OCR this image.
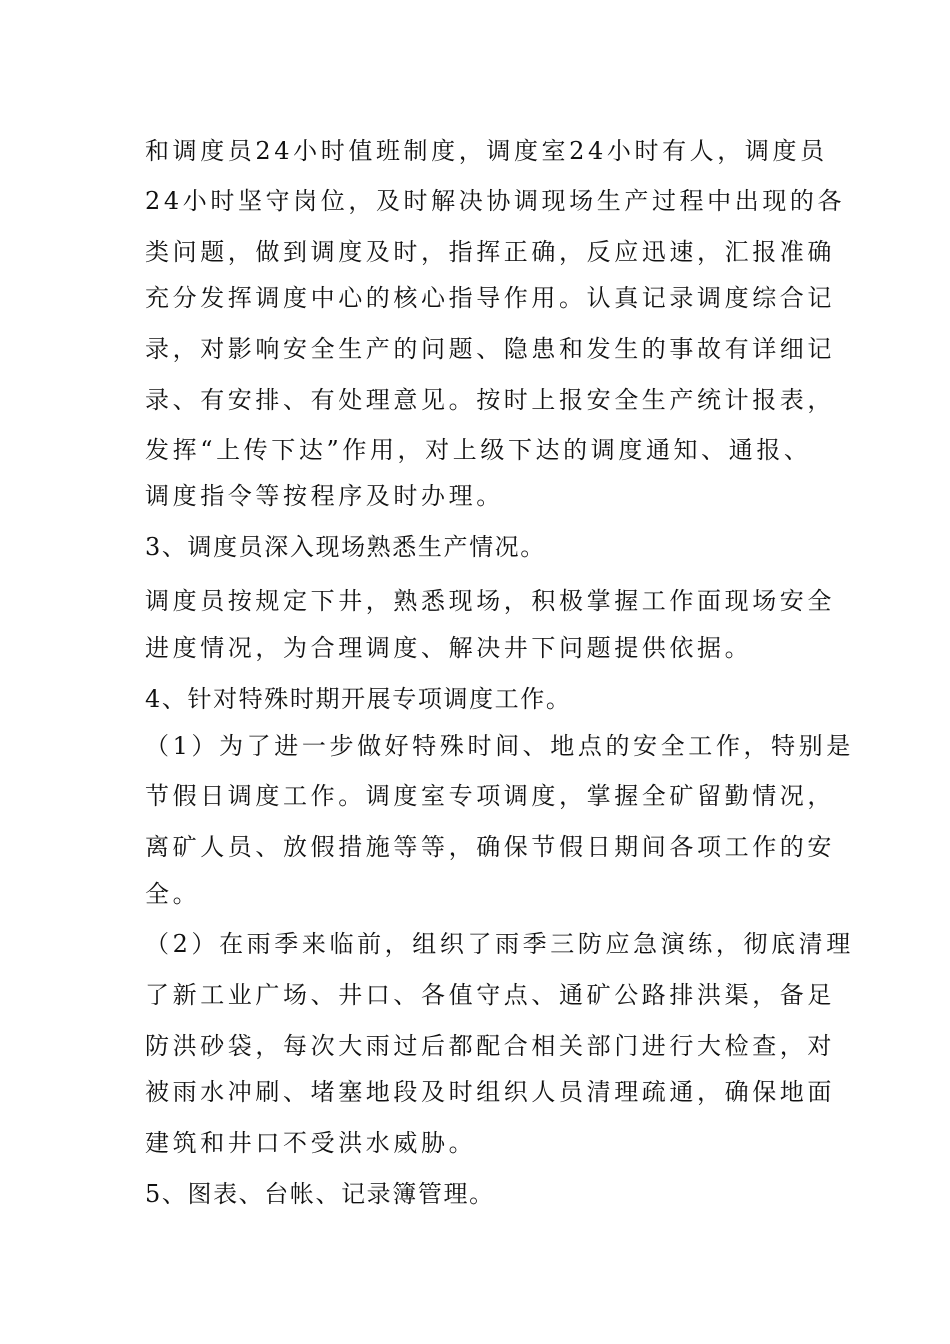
和调度员24小时值班制度，调度室24小时有人，调度员
24小时坚守岗位，及时解决协调现场生产过程中出现的各
类问题，做到调度及时，指挥正确，反应迅速，汇报准确
充分发挥调度中心的核心指导作用。认真记录调度综合记
录，对影响安全生产的问题、隐患和发生的事故有详细记
录、有安排、有处理意见。按时上报安全生产统计报表，
发挥“上传下达”作用，对上级下达的调度通知、通报、
调度指令等按程序及时办理。
3、调度员深入现场熟悉生产情况。
调度员按规定下井，熟悉现场，积极掌握工作面现场安全
进度情况，为合理调度、解决井下问题提供依据。
4、针对特殊时期开展专项调度工作。
（1）为了进一步做好特殊时间、地点的安全工作，特别是
节假日调度工作。调度室专项调度，掌握全矿留勤情况，
离矿人员、放假措施等等，确保节假日期间各项工作的安
全。
（2）在雨季来临前，组织了雨季三防应急演练，彻底清理
了新工业广场、井口、各值守点、通矿公路排洪渠，备足
防洪砂袋，每次大雨过后都配合相关部门进行大检查，对
被雨水冲刷、堵塞地段及时组织人员清理疏通，确保地面
建筑和井口不受洪水威胁。
5、图表、台帐、记录簿管理。
